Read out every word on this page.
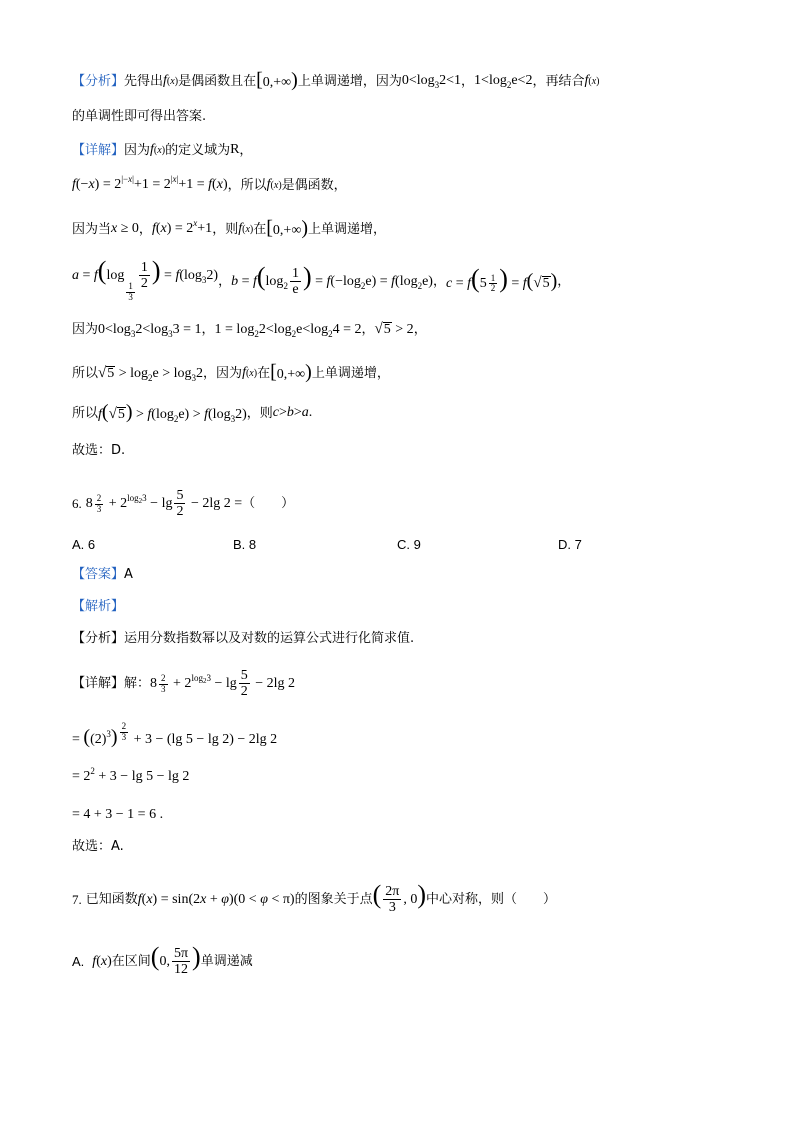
【分析】 先得出 f(x) 是偶函数且在 [0,+∞) 上单调递增，因为 $0<\log_32<1$ ， $1<\log_2e<2$ ，再结合 f(x)
的单调性即可得出答案.
【详解】 因为 f(x) 的定义域为 R ，
$f(-x) = 2^{|-x|}+1 = 2^{|x|}+1 = f(x)$ ，所以 f(x) 是偶函数，
因为当 x ≥ 0 ， $f(x) = 2^x+1$ ，则 f(x) 在 [0,+∞) 上单调递增，
a = f(log
$_{\frac{1}{3}}$
$\frac{1}{2}$ ) = $f(\log_32)$ ， $b = f(\log_2 \frac{1}{e}$ ) = $f(-\log_2e) = f(\log_2e)$ ， c = f(5 $^{\frac{1}{2}}$ ) = f( √ 5 ) ，
因为 $0<\log_32<\log_33 = 1$ ， $1 = \log_22<\log_2e<\log_24 = 2$ ， √ 5 > 2 ，
所以 √ $5 > \log_2e > \log_32$ ，因为 f(x) 在 [0,+∞) 上单调递增，
所以 f( √ 5 ) > $f(\log_2e) > f(\log_32)$ ，则 c>b>a.
故选：D.
6. 8 $^{\frac{2}{3}} + 2^{log_23} - \lg \frac{5}{2} - 2\lg$ 2 = （　　）
A. 6	B. 8	C. 9	D. 7
【答案】 A
【解析】
【分析】 运用分数指数幂以及对数的运算公式进行化简求值.
【详解】 解： 8 $^{\frac{2}{3}} + 2^{log_23} - \lg \frac{5}{2} - 2\lg$ 2
= $((2)^3) ^{\frac{2}{3}} + 3 - (\lg$ 5 − lg 2) − 2lg 2
= $2^2 + 3 - \lg 5 - \lg 2$
= 4 + 3 − 1 = 6 .
故选：A.
7. 已知函数 f(x) = sin(2x + φ)(0 < φ < π) 的图象关于点 ( $\frac{2\pi}{3}$ , 0) 中心对称，则（　　）
A. f(x) 在区间 (0, $\frac{5\pi}{12}$ ) 单调递减
